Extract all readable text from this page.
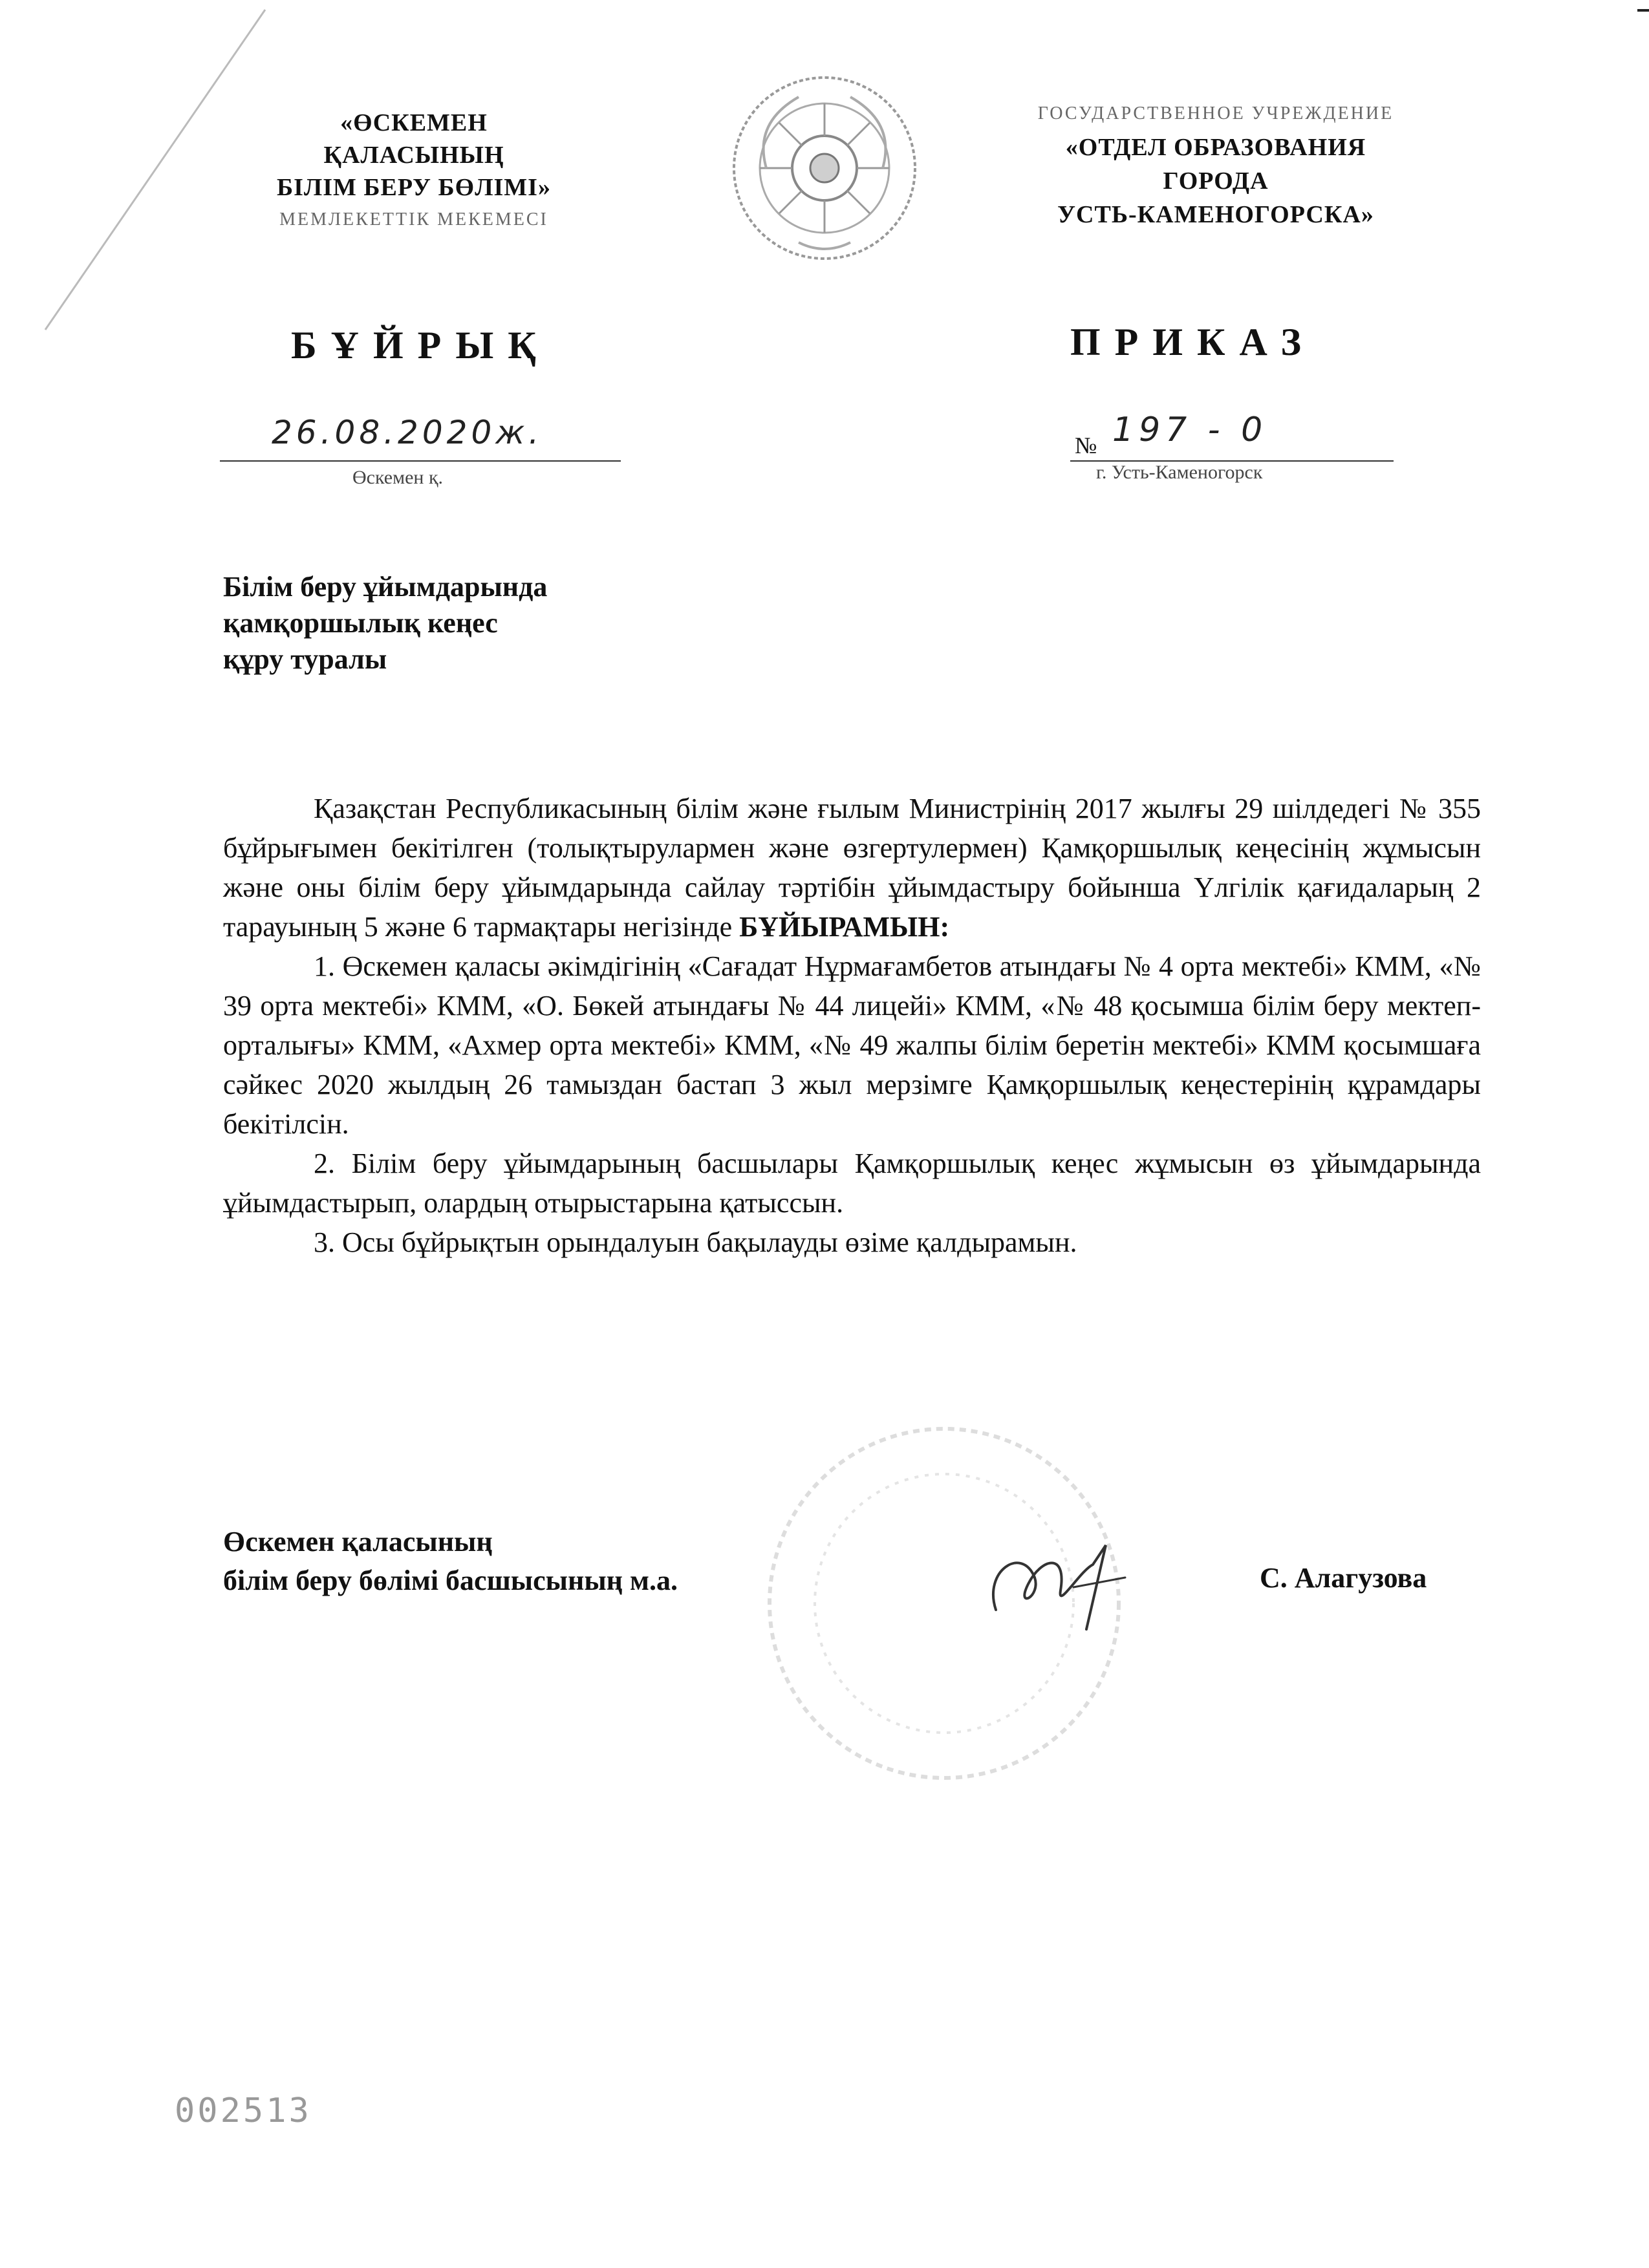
«ӨСКЕМЕН
ҚАЛАСЫНЫҢ
БІЛІМ БЕРУ БӨЛІМІ»
МЕМЛЕКЕТТІК МЕКЕМЕСІ
ГОСУДАРСТВЕННОЕ УЧРЕЖДЕНИЕ
«ОТДЕЛ ОБРАЗОВАНИЯ
ГОРОДА
УСТЬ-КАМЕНОГОРСКА»
БҰЙРЫҚ	ПРИКАЗ
26.08.2020ж.	№ 197 - 0
Өскемен қ.	г. Усть-Каменогорск
Білім беру ұйымдарында
қамқоршылық кеңес
құру туралы

Қазақстан Республикасының білім және ғылым Министрінің 2017 жылғы 29 шілдедегі № 355 бұйрығымен бекітілген (толықтырулармен және өзгертулермен) Қамқоршылық кеңесінің жұмысын және оны білім беру ұйымдарында сайлау тәртібін ұйымдастыру бойынша Үлгілік қағидаларың 2 тарауының 5 және 6 тармақтары негізінде БҰЙЫРАМЫН:

1. Өскемен қаласы әкімдігінің «Сағадат Нұрмағамбетов атындағы № 4 орта мектебі» КММ, «№ 39 орта мектебі» КММ, «О. Бөкей атындағы № 44 лицейі» КММ, «№ 48 қосымша білім беру мектеп-орталығы» КММ, «Ахмер орта мектебі» КММ, «№ 49 жалпы білім беретін мектебі» КММ қосымшаға сәйкес 2020 жылдың 26 тамыздан бастап 3 жыл мерзімге Қамқоршылық кеңестерінің құрамдары бекітілсін.

2. Білім беру ұйымдарының басшылары Қамқоршылық кеңес жұмысын өз ұйымдарында ұйымдастырып, олардың отырыстарына қатыссын.

3. Осы бұйрықтын орындалуын бақылауды өзіме қалдырамын.

Өскемен қаласының
білім беру бөлімі басшысының м.а.	С. Алагузова
002513
